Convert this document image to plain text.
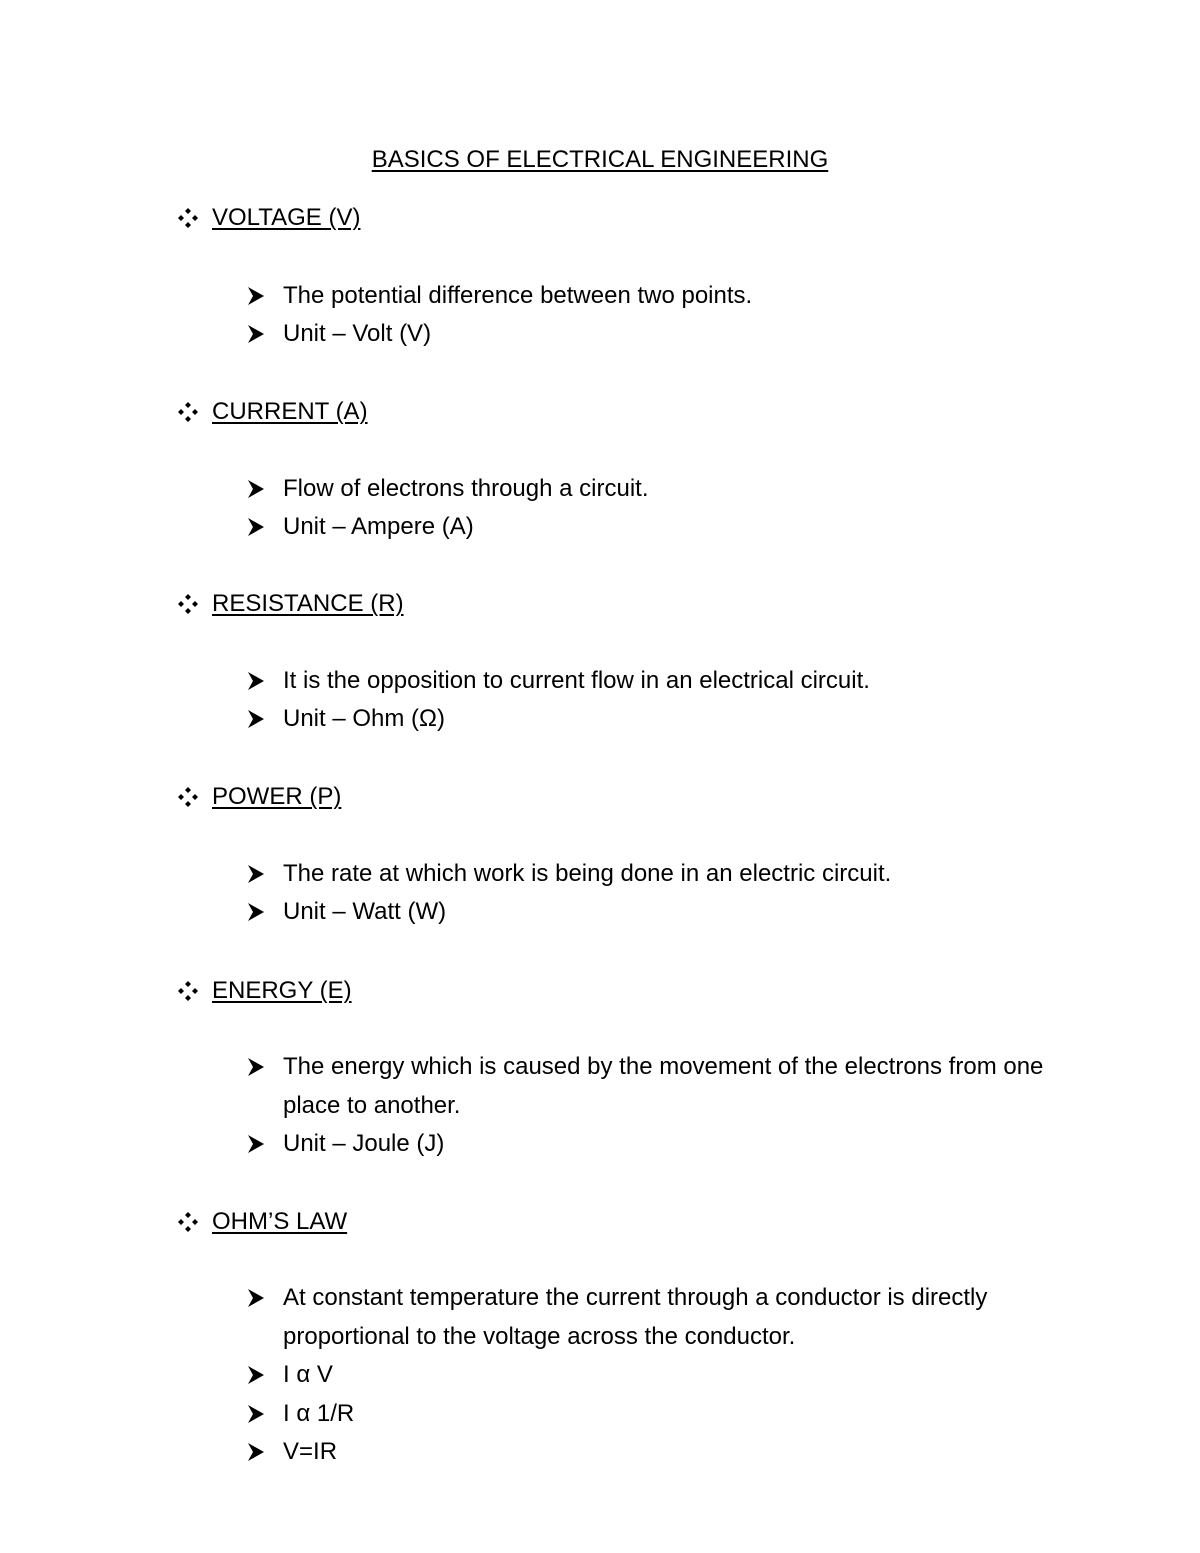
BASICS OF ELECTRICAL ENGINEERING
VOLTAGE (V)
The potential difference between two points.
Unit – Volt (V)
CURRENT (A)
Flow of electrons through a circuit.
Unit – Ampere (A)
RESISTANCE (R)
It is the opposition to current flow in an electrical circuit.
Unit – Ohm (Ω)
POWER (P)
The rate at which work is being done in an electric circuit.
Unit – Watt (W)
ENERGY (E)
The energy which is caused by the movement of the electrons from one place to another.
Unit – Joule (J)
OHM’S LAW
At constant temperature the current through a conductor is directly proportional to the voltage across the conductor.
I α V
I α 1/R
V=IR
